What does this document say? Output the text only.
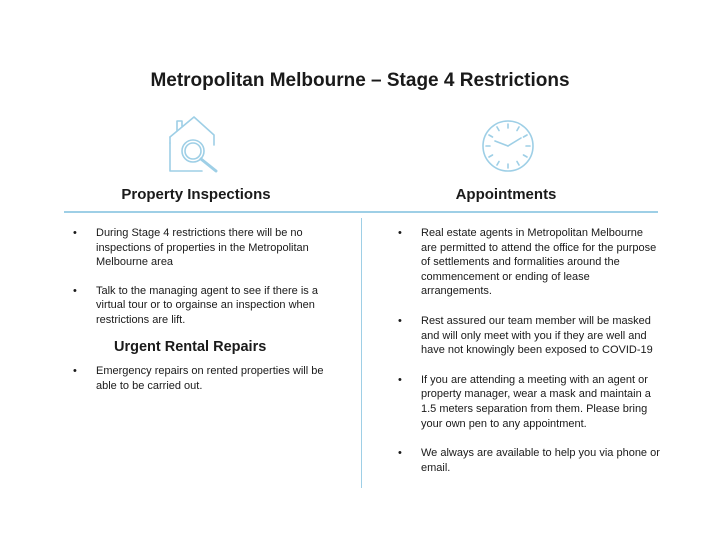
Metropolitan Melbourne – Stage 4 Restrictions
Property Inspections	Appointments
• During Stage 4 restrictions there will be no inspections of properties in the Metropolitan Melbourne area
• Talk to the managing agent to see if there is a virtual tour or to orgainse an inspection when restrictions are lift.
Urgent Rental Repairs
• Emergency repairs on rented properties will be able to be carried out.
• Real estate agents in Metropolitan Melbourne are permitted to attend the office for the purpose of settlements and formalities around the commencement or ending of lease arrangements.
• Rest assured our team member will be masked and will only meet with you if they are well and have not knowingly been exposed to COVID-19
• If you are attending a meeting with an agent or property manager, wear a mask and maintain a 1.5 meters separation from them. Please bring your own pen to any appointment.
• We always are available to help you via phone or email.
